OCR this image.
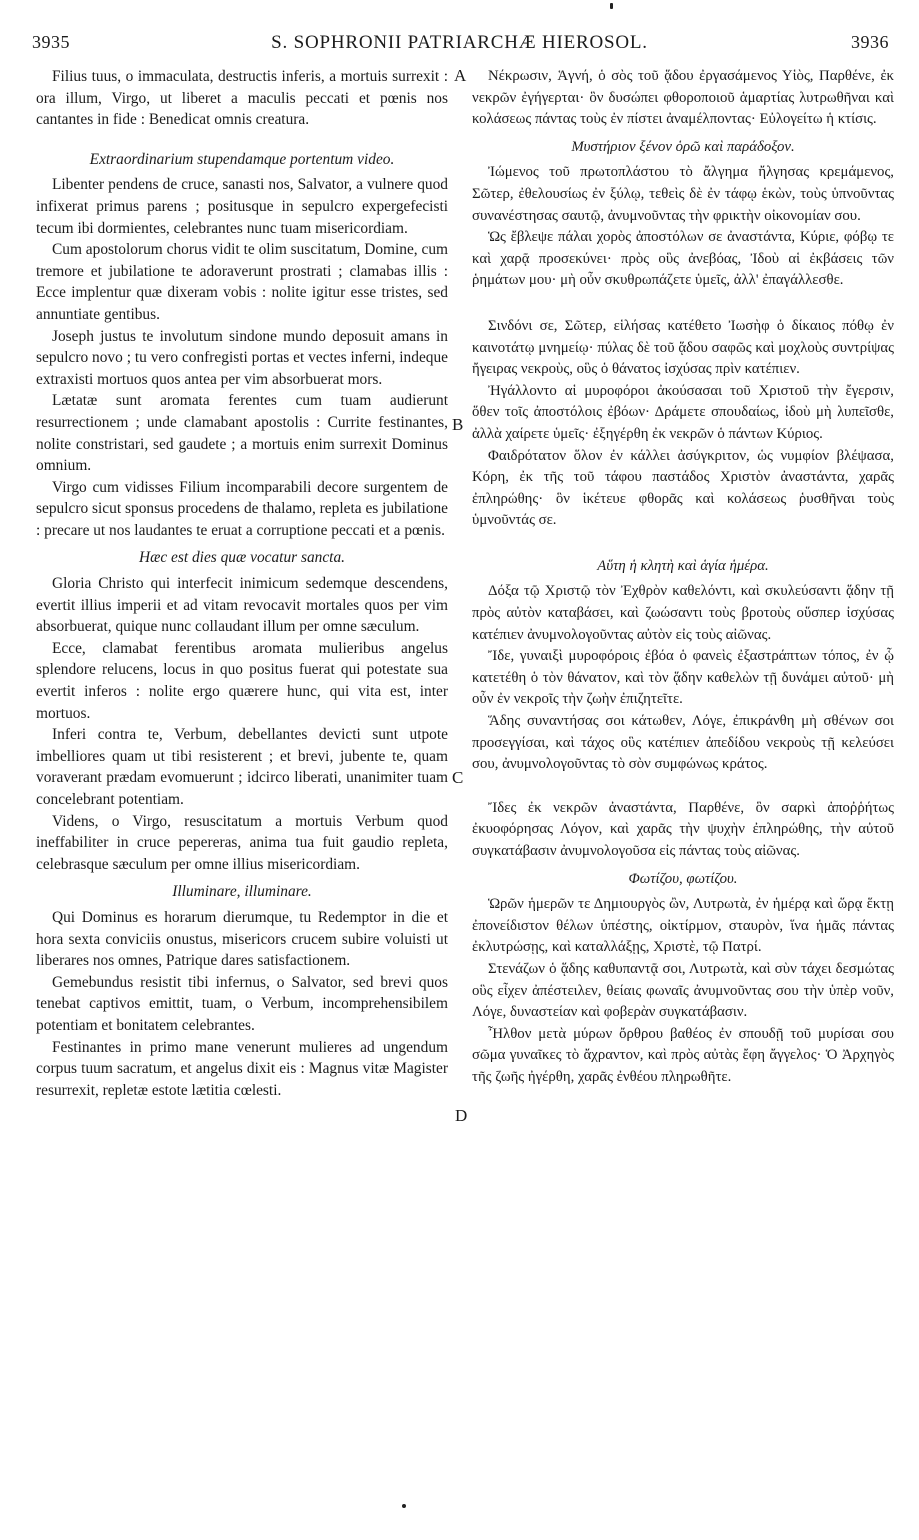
3935	S. SOPHRONII PATRIARCHÆ HIEROSOL.	3936
A
B
C
D

Filius tuus, o immaculata, destructis inferis, a mortuis surrexit : ora illum, Virgo, ut liberet a maculis peccati et pœnis nos cantantes in fide : Benedicat omnis creatura.

Extraordinarium stupendamque portentum video.

Libenter pendens de cruce, sanasti nos, Salvator, a vulnere quod infixerat primus parens ; positusque in sepulcro expergefecisti tecum ibi dormientes, celebrantes nunc tuam misericordiam.

Cum apostolorum chorus vidit te olim suscitatum, Domine, cum tremore et jubilatione te adoraverunt prostrati ; clamabas illis : Ecce implentur quæ dixeram vobis : nolite igitur esse tristes, sed annuntiate gentibus.

Joseph justus te involutum sindone mundo deposuit amans in sepulcro novo ; tu vero confregisti portas et vectes inferni, indeque extraxisti mortuos quos antea per vim absorbuerat mors.

Lætatæ sunt aromata ferentes cum tuam audierunt resurrectionem ; unde clamabant apostolis : Currite festinantes, nolite constristari, sed gaudete ; a mortuis enim surrexit Dominus omnium.

Virgo cum vidisses Filium incomparabili decore surgentem de sepulcro sicut sponsus procedens de thalamo, repleta es jubilatione : precare ut nos laudantes te eruat a corruptione peccati et a pœnis.

Hæc est dies quæ vocatur sancta.

Gloria Christo qui interfecit inimicum sedemque descendens, evertit illius imperii et ad vitam revocavit mortales quos per vim absorbuerat, quique nunc collaudant illum per omne sæculum.

Ecce, clamabat ferentibus aromata mulieribus angelus splendore relucens, locus in quo positus fuerat qui potestate sua evertit inferos : nolite ergo quærere hunc, qui vita est, inter mortuos.

Inferi contra te, Verbum, debellantes devicti sunt utpote imbelliores quam ut tibi resisterent ; et brevi, jubente te, quam voraverant prædam evomuerunt ; idcirco liberati, unanimiter tuam concelebrant potentiam.

Videns, o Virgo, resuscitatum a mortuis Verbum quod ineffabiliter in cruce pepereras, anima tua fuit gaudio repleta, celebrasque sæculum per omne illius misericordiam.

Illuminare, illuminare.

Qui Dominus es horarum dierumque, tu Redemptor in die et hora sexta conviciis onustus, misericors crucem subire voluisti ut liberares nos omnes, Patrique dares satisfactionem.

Gemebundus resistit tibi infernus, o Salvator, sed brevi quos tenebat captivos emittit, tuam, o Verbum, incomprehensibilem potentiam et bonitatem celebrantes.

Festinantes in primo mane venerunt mulieres ad ungendum corpus tuum sacratum, et angelus dixit eis : Magnus vitæ Magister resurrexit, repletæ estote lætitia cœlesti.

Νέκρωσιν, Ἁγνή, ὁ σὸς τοῦ ᾅδου ἐργασάμενος Υἱὸς, Παρθένε, ἐκ νεκρῶν ἐγήγερται· ὃν δυσώπει φθοροποιοῦ ἁμαρτίας λυτρωθῆναι καὶ κολάσεως πάντας τοὺς ἐν πίστει ἀναμέλποντας· Εὐλογείτω ἡ κτίσις.

Μυστήριον ξένον ὁρῶ καὶ παράδοξον.

Ἰώμενος τοῦ πρωτοπλάστου τὸ ἄλγημα ἤλγησας κρεμάμενος, Σῶτερ, ἐθελουσίως ἐν ξύλῳ, τεθεὶς δὲ ἐν τάφῳ ἑκὼν, τοὺς ὑπνοῦντας συνανέστησας σαυτῷ, ἀνυμνοῦντας τὴν φρικτὴν οἰκονομίαν σου.

Ὡς ἔβλεψε πάλαι χορὸς ἀποστόλων σε ἀναστάντα, Κύριε, φόβῳ τε καὶ χαρᾷ προσεκύνει· πρὸς οὓς ἀνεβόας, Ἰδοὺ αἱ ἐκβάσεις τῶν ῥημάτων μου· μὴ οὖν σκυθρωπάζετε ὑμεῖς, ἀλλ' ἐπαγάλλεσθε.

Σινδόνι σε, Σῶτερ, εἱλήσας κατέθετο Ἰωσὴφ ὁ δίκαιος πόθῳ ἐν καινοτάτῳ μνημείῳ· πύλας δὲ τοῦ ᾅδου σαφῶς καὶ μοχλοὺς συντρίψας ἤγειρας νεκροὺς, οὓς ὁ θάνατος ἰσχύσας πρὶν κατέπιεν.

Ἠγάλλοντο αἱ μυροφόροι ἀκούσασαι τοῦ Χριστοῦ τὴν ἔγερσιν, ὅθεν τοῖς ἀποστόλοις ἐβόων· Δράμετε σπουδαίως, ἰδοὺ μὴ λυπεῖσθε, ἀλλὰ χαίρετε ὑμεῖς· ἐξηγέρθη ἐκ νεκρῶν ὁ πάντων Κύριος.

Φαιδρότατον ὅλον ἐν κάλλει ἀσύγκριτον, ὡς νυμφίον βλέψασα, Κόρη, ἐκ τῆς τοῦ τάφου παστάδος Χριστὸν ἀναστάντα, χαρᾶς ἐπληρώθης· ὃν ἱκέτευε φθορᾶς καὶ κολάσεως ῥυσθῆναι τοὺς ὑμνοῦντάς σε.

Αὕτη ἡ κλητὴ καὶ ἁγία ἡμέρα.

Δόξα τῷ Χριστῷ τὸν Ἐχθρὸν καθελόντι, καὶ σκυλεύσαντι ᾅδην τῇ πρὸς αὐτὸν καταβάσει, καὶ ζωώσαντι τοὺς βροτοὺς οὕσπερ ἰσχύσας κατέπιεν ἀνυμνολογοῦντας αὐτὸν εἰς τοὺς αἰῶνας.

Ἴδε, γυναιξὶ μυροφόροις ἐβόα ὁ φανεὶς ἐξαστράπτων τόπος, ἐν ᾧ κατετέθη ὁ τὸν θάνατον, καὶ τὸν ᾅδην καθελὼν τῇ δυνάμει αὐτοῦ· μὴ οὖν ἐν νεκροῖς τὴν ζωὴν ἐπιζητεῖτε.

Ἅδης συναντήσας σοι κάτωθεν, Λόγε, ἐπικράνθη μὴ σθένων σοι προσεγγίσαι, καὶ τάχος οὓς κατέπιεν ἀπεδίδου νεκροὺς τῇ κελεύσει σου, ἀνυμνολογοῦντας τὸ σὸν συμφώνως κράτος.

Ἴδες ἐκ νεκρῶν ἀναστάντα, Παρθένε, ὃν σαρκὶ ἀποῤῥήτως ἐκυοφόρησας Λόγον, καὶ χαρᾶς τὴν ψυχὴν ἐπληρώθης, τὴν αὐτοῦ συγκατάβασιν ἀνυμνολογοῦσα εἰς πάντας τοὺς αἰῶνας.

Φωτίζου, φωτίζου.

Ὡρῶν ἡμερῶν τε Δημιουργὸς ὢν, Λυτρωτὰ, ἐν ἡμέρᾳ καὶ ὥρᾳ ἕκτῃ ἐπονείδιστον θέλων ὑπέστης, οἰκτίρμον, σταυρὸν, ἵνα ἡμᾶς πάντας ἐκλυτρώσῃς, καὶ καταλλάξῃς, Χριστὲ, τῷ Πατρί.

Στενάζων ὁ ᾅδης καθυπαντᾷ σοι, Λυτρωτὰ, καὶ σὺν τάχει δεσμώτας οὓς εἶχεν ἀπέστειλεν, θείαις φωναῖς ἀνυμνοῦντας σου τὴν ὑπὲρ νοῦν, Λόγε, δυναστείαν καὶ φοβερὰν συγκατάβασιν.

Ἦλθον μετὰ μύρων ὄρθρου βαθέος ἐν σπουδῇ τοῦ μυρίσαι σου σῶμα γυναῖκες τὸ ἄχραντον, καὶ πρὸς αὐτὰς ἔφη ἄγγελος· Ὁ Ἀρχηγὸς τῆς ζωῆς ἠγέρθη, χαρᾶς ἐνθέου πληρωθῆτε.
